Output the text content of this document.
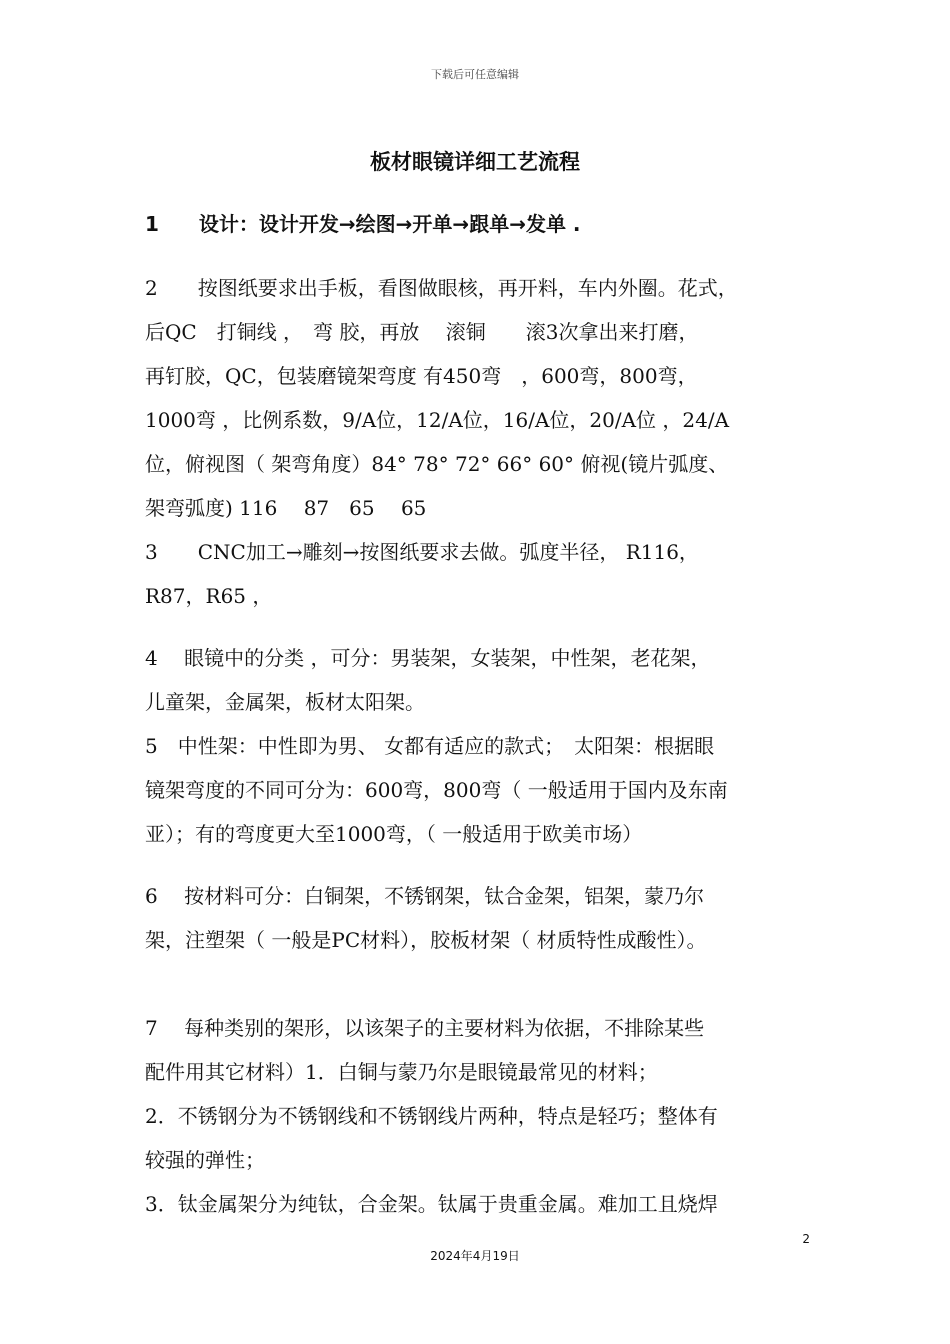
下载后可任意编辑
板材眼镜详细工艺流程
1　　设计：设计开发→绘图→开单→跟单→发单 .
2　　按图纸要求出手板，看图做眼核，再开料，车内外圈。花式，
后QC　打铜线 ，　弯 胶，再放　 滚铜　　滚3次拿出来打磨，
再钉胶，QC，包装磨镜架弯度 有450弯　，600弯，800弯，
1000弯 ，比例系数，9/A位，12/A位，16/A位，20/A位 ，24/A
位，俯视图（ 架弯角度）84° 78° 72° 66° 60° 俯视(镜片弧度、
架弯弧度) 116　 87　65　 65
3　　CNC加工→雕刻→按图纸要求去做。弧度半径， R116，
R87，R65 ，
4　 眼镜中的分类 ，可分：男装架，女装架，中性架，老花架，
儿童架，金属架，板材太阳架。
5　中性架：中性即为男、 女都有适应的款式；　太阳架：根据眼
镜架弯度的不同可分为：600弯，800弯（ 一般适用于国内及东南
亚）；有的弯度更大至1000弯，（ 一般适用于欧美市场）
6　 按材料可分：白铜架，不锈钢架，钛合金架，铝架，蒙乃尔
架，注塑架（ 一般是PC材料），胶板材架（ 材质特性成酸性）。
7　 每种类别的架形，以该架子的主要材料为依据，不排除某些
配件用其它材料）1．白铜与蒙乃尔是眼镜最常见的材料；
2．不锈钢分为不锈钢线和不锈钢线片两种，特点是轻巧；整体有
较强的弹性；
3．钛金属架分为纯钛，合金架。钛属于贵重金属。难加工且烧焊
2
2024年4月19日
